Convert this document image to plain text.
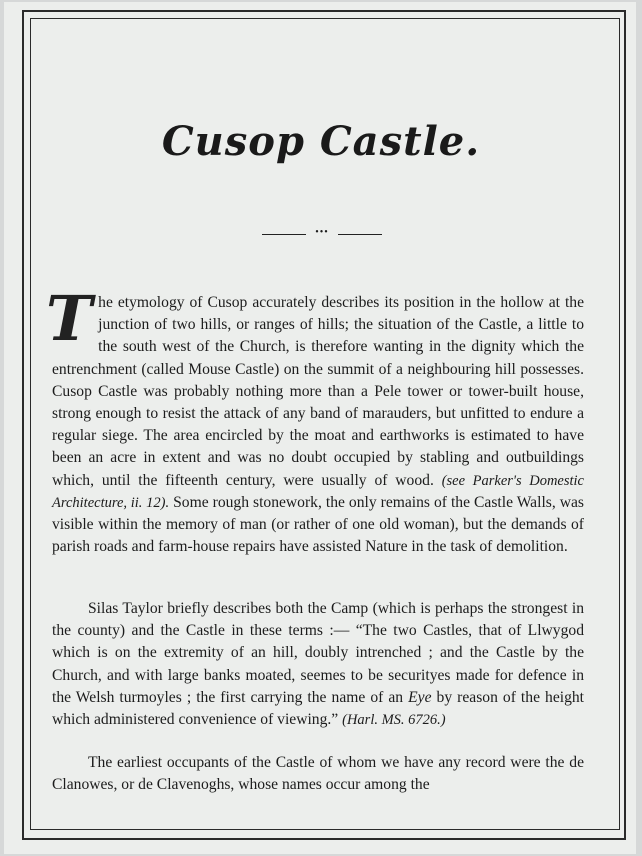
Cusop Castle.
•••
The etymology of Cusop accurately describes its position in the hollow at the junction of two hills, or ranges of hills; the situation of the Castle, a little to the south west of the Church, is therefore wanting in the dignity which the entrenchment (called Mouse Castle) on the summit of a neighbouring hill possesses. Cusop Castle was probably nothing more than a Pele tower or tower-built house, strong enough to resist the attack of any band of marauders, but unfitted to endure a regular siege. The area encircled by the moat and earthworks is estimated to have been an acre in extent and was no doubt occupied by stabling and outbuildings which, until the fifteenth century, were usually of wood. (see Parker's Domestic Architecture, ii. 12). Some rough stonework, the only remains of the Castle Walls, was visible within the memory of man (or rather of one old woman), but the demands of parish roads and farm-house repairs have assisted Nature in the task of demolition.
Silas Taylor briefly describes both the Camp (which is perhaps the strongest in the county) and the Castle in these terms :— “The two Castles, that of Llwygod which is on the extremity of an hill, doubly intrenched ; and the Castle by the Church, and with large banks moated, seemes to be securityes made for defence in the Welsh turmoyles ; the first carrying the name of an Eye by reason of the height which administered convenience of viewing.” (Harl. MS. 6726.)
The earliest occupants of the Castle of whom we have any record were the de Clanowes, or de Clavenoghs, whose names occur among the
